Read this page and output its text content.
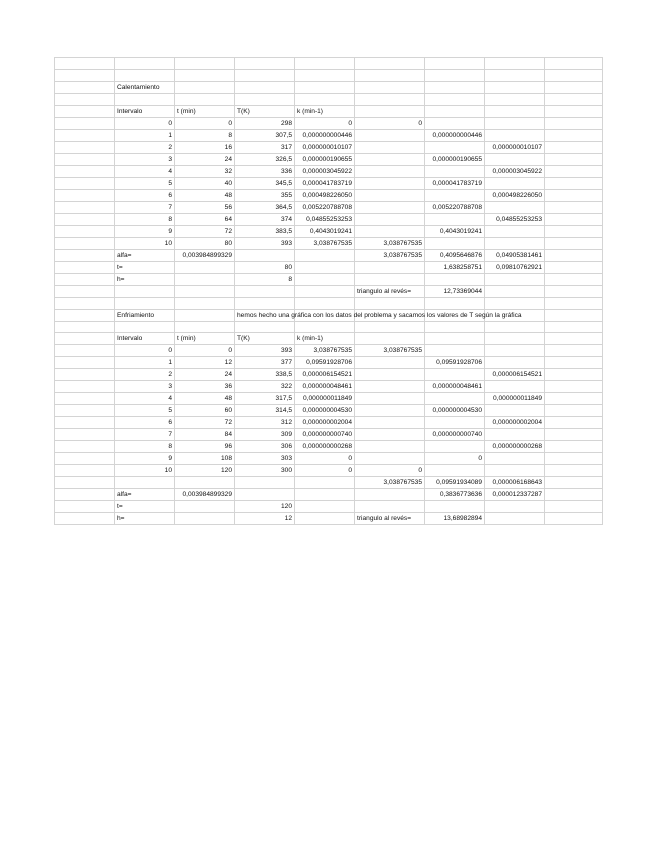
	Calentamiento							

	Intervalo	t (min)	T(K)	k (min-1)				
	0	0	298	0	0			
	1	8	307,5	0,000000000446		0,000000000446		
	2	16	317	0,000000010107			0,000000010107	
	3	24	326,5	0,000000190655		0,000000190655		
	4	32	336	0,000003045922			0,000003045922	
	5	40	345,5	0,000041783719		0,000041783719		
	6	48	355	0,000498226050			0,000498226050	
	7	56	364,5	0,005220788708		0,005220788708		
	8	64	374	0,04855253253			0,04855253253	
	9	72	383,5	0,4043019241		0,4043019241		
	10	80	393	3,038767535	3,038767535			
	alfa=	0,003984899329			3,038767535	0,4095646876	0,04905381461	
	t=		80			1,638258751	0,09810762921	
	h=		8					
					triangulo al revés=	12,73369044		

	Enfriamiento		hemos hecho una gráfica con los datos del problema y sacamos los valores de T según la gráfica					

	Intervalo	t (min)	T(K)	k (min-1)				
	0	0	393	3,038767535	3,038767535			
	1	12	377	0,09591928706		0,09591928706		
	2	24	338,5	0,000006154521			0,000006154521	
	3	36	322	0,000000048461		0,000000048461		
	4	48	317,5	0,000000011849			0,000000011849	
	5	60	314,5	0,000000004530		0,000000004530		
	6	72	312	0,000000002004			0,000000002004	
	7	84	309	0,000000000740		0,000000000740		
	8	96	306	0,000000000268			0,000000000268	
	9	108	303	0		0		
	10	120	300	0	0			
					3,038767535	0,09591934089	0,000006168643	
	alfa=	0,003984899329				0,3836773636	0,000012337287	
	t=		120					
	h=		12		triangulo al revés=	13,68982894		
